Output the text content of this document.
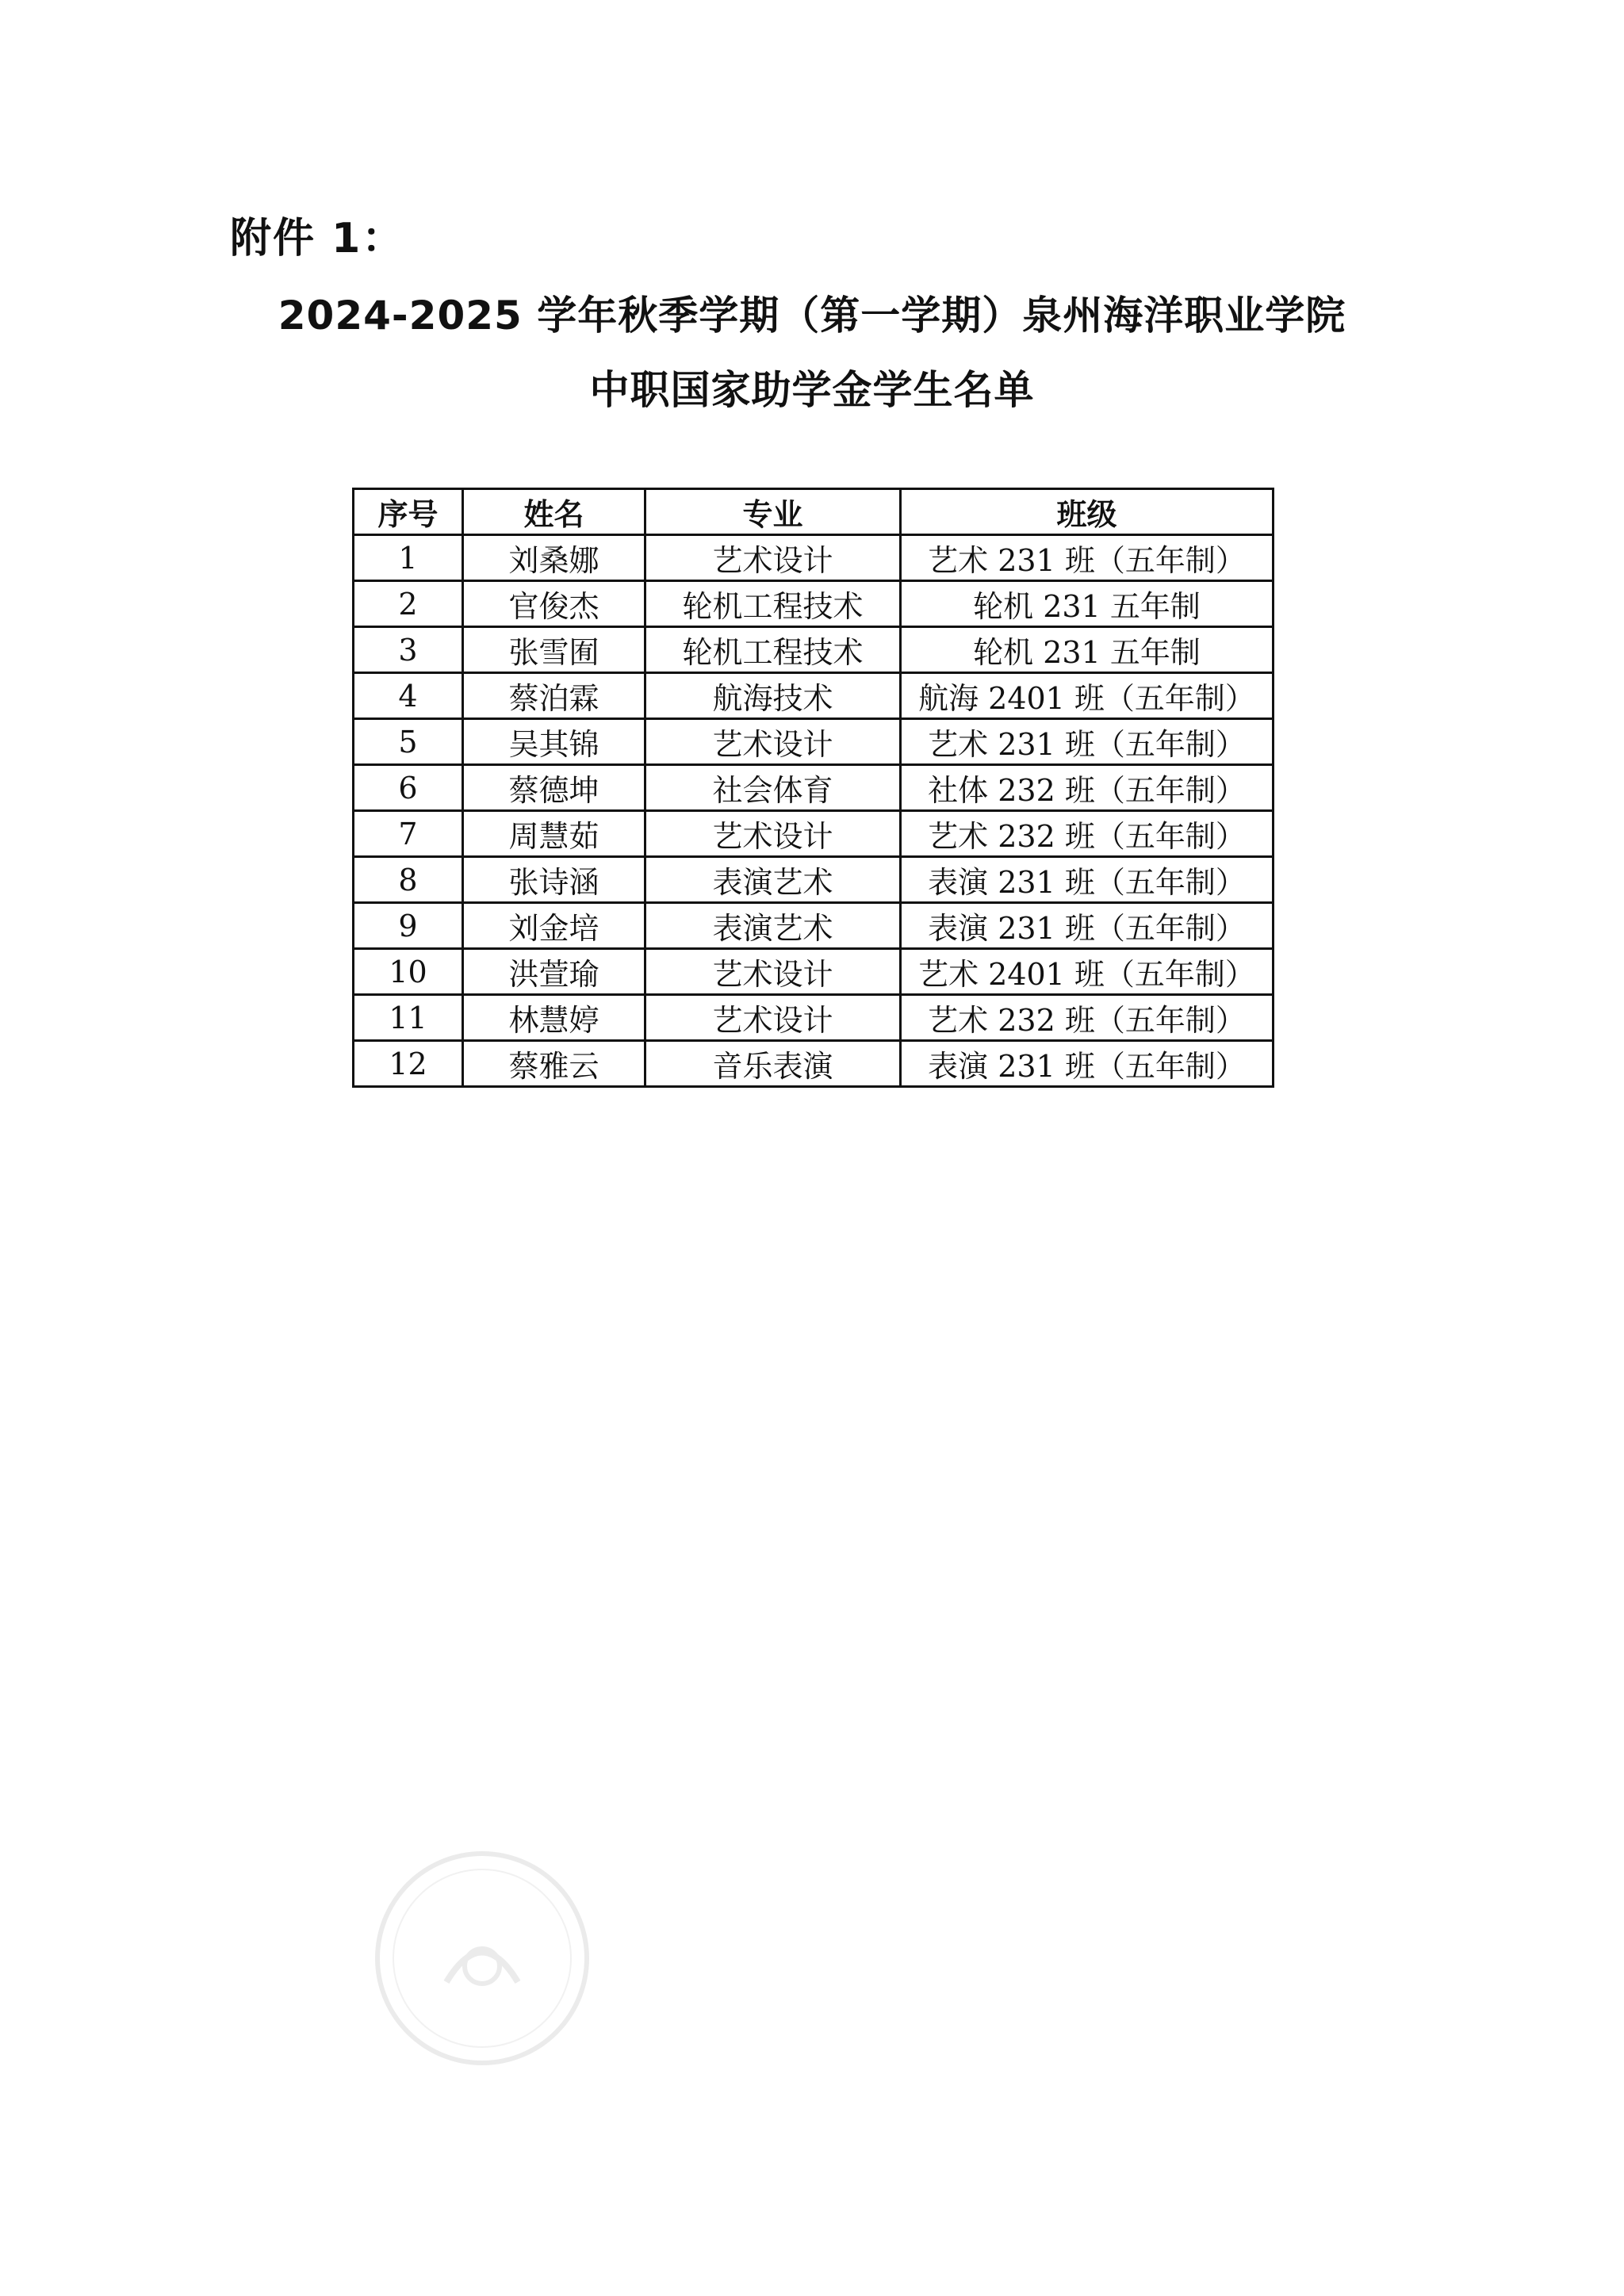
附件 1：
2024-2025 学年秋季学期（第一学期）泉州海洋职业学院
中职国家助学金学生名单
序号	姓名	专业	班级
1	刘桑娜	艺术设计	艺术 231 班（五年制）
2	官俊杰	轮机工程技术	轮机 231 五年制
3	张雪囿	轮机工程技术	轮机 231 五年制
4	蔡泊霖	航海技术	航海 2401 班（五年制）
5	吴其锦	艺术设计	艺术 231 班（五年制）
6	蔡德坤	社会体育	社体 232 班（五年制）
7	周慧茹	艺术设计	艺术 232 班（五年制）
8	张诗涵	表演艺术	表演 231 班（五年制）
9	刘金培	表演艺术	表演 231 班（五年制）
10	洪萱瑜	艺术设计	艺术 2401 班（五年制）
11	林慧婷	艺术设计	艺术 232 班（五年制）
12	蔡雅云	音乐表演	表演 231 班（五年制）
